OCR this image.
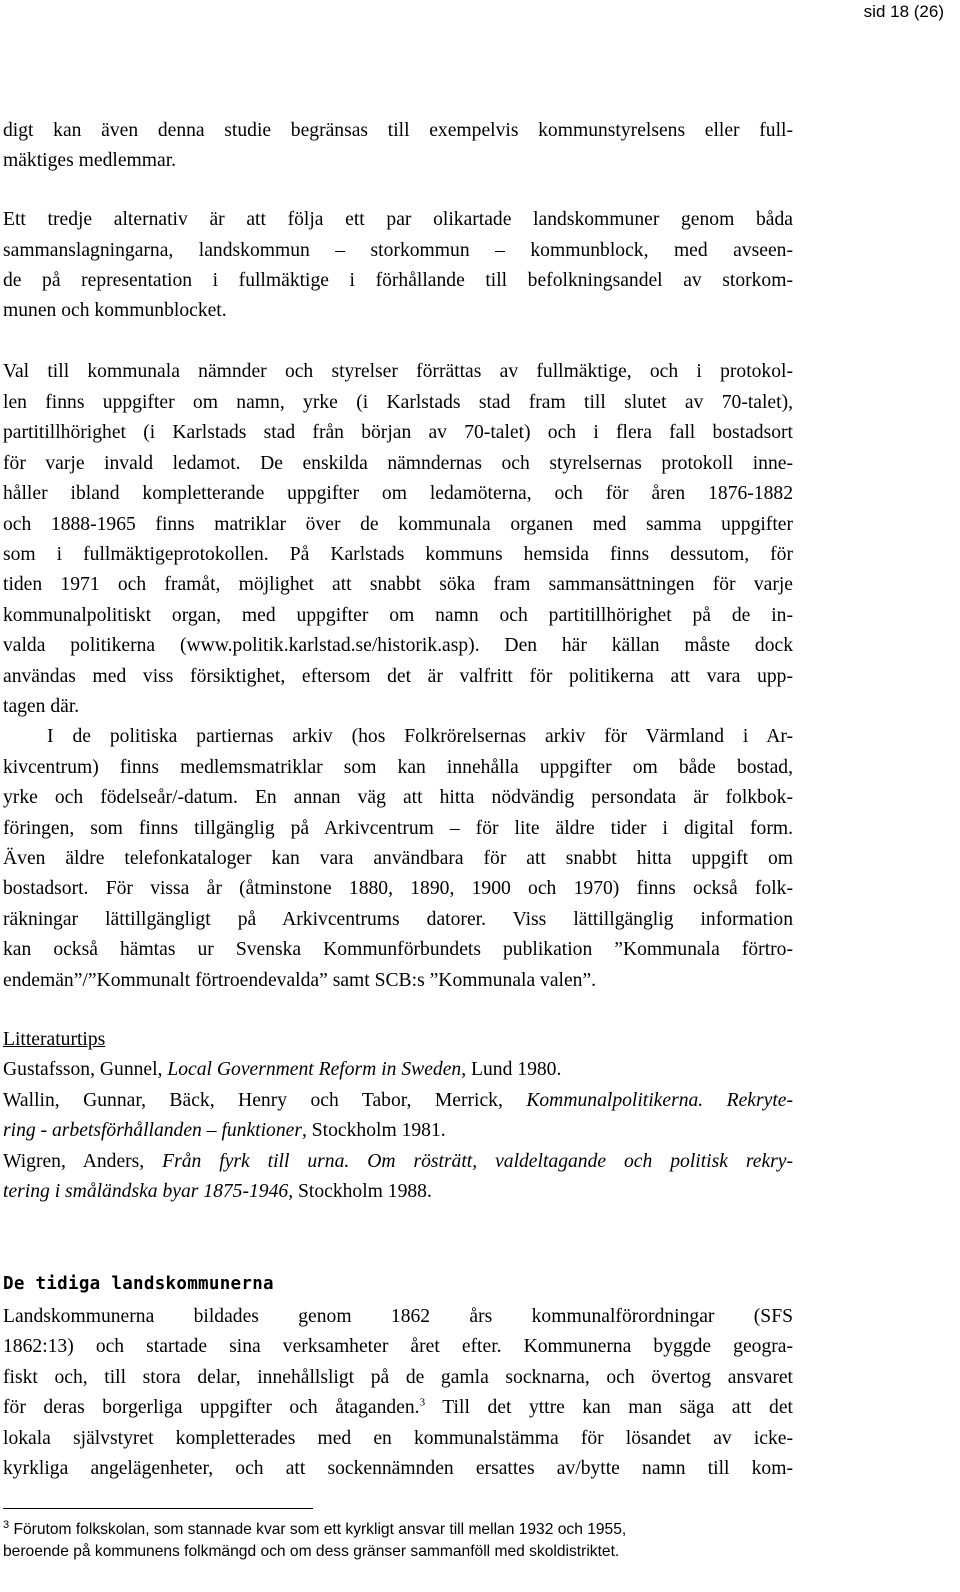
sid 18 (26)
digt kan även denna studie begränsas till exempelvis kommunstyrelsens eller full-
mäktiges medlemmar.
Ett tredje alternativ är att följa ett par olikartade landskommuner genom båda
sammanslagningarna, landskommun – storkommun – kommunblock, med avseen-
de på representation i fullmäktige i förhållande till befolkningsandel av storkom-
munen och kommunblocket.
Val till kommunala nämnder och styrelser förrättas av fullmäktige, och i protokol-
len finns uppgifter om namn, yrke (i Karlstads stad fram till slutet av 70-talet),
partitillhörighet (i Karlstads stad från början av 70-talet) och i flera fall bostadsort
för varje invald ledamot. De enskilda nämndernas och styrelsernas protokoll inne-
håller ibland kompletterande uppgifter om ledamöterna, och för åren 1876-1882
och 1888-1965 finns matriklar över de kommunala organen med samma uppgifter
som i fullmäktigeprotokollen. På Karlstads kommuns hemsida finns dessutom, för
tiden 1971 och framåt, möjlighet att snabbt söka fram sammansättningen för varje
kommunalpolitiskt organ, med uppgifter om namn och partitillhörighet på de in-
valda politikerna (www.politik.karlstad.se/historik.asp). Den här källan måste dock
användas med viss försiktighet, eftersom det är valfritt för politikerna att vara upp-
tagen där.
I de politiska partiernas arkiv (hos Folkrörelsernas arkiv för Värmland i Ar-
kivcentrum) finns medlemsmatriklar som kan innehålla uppgifter om både bostad,
yrke och födelseår/-datum. En annan väg att hitta nödvändig persondata är folkbok-
föringen, som finns tillgänglig på Arkivcentrum – för lite äldre tider i digital form.
Även äldre telefonkataloger kan vara användbara för att snabbt hitta uppgift om
bostadsort. För vissa år (åtminstone 1880, 1890, 1900 och 1970) finns också folk-
räkningar lättillgängligt på Arkivcentrums datorer. Viss lättillgänglig information
kan också hämtas ur Svenska Kommunförbundets publikation ”Kommunala förtro-
endemän”/”Kommunalt förtroendevalda” samt SCB:s ”Kommunala valen”.
Litteraturtips
Gustafsson, Gunnel, Local Government Reform in Sweden, Lund 1980.
Wallin, Gunnar, Bäck, Henry och Tabor, Merrick, Kommunalpolitikerna. Rekryte-
ring - arbetsförhållanden – funktioner, Stockholm 1981.
Wigren, Anders, Från fyrk till urna. Om rösträtt, valdeltagande och politisk rekry-
tering i småländska byar 1875-1946, Stockholm 1988.
De tidiga landskommunerna
Landskommunerna bildades genom 1862 års kommunalförordningar (SFS
1862:13) och startade sina verksamheter året efter. Kommunerna byggde geogra-
fiskt och, till stora delar, innehållsligt på de gamla socknarna, och övertog ansvaret
för deras borgerliga uppgifter och åtaganden.$^3$ Till det yttre kan man säga att det
lokala självstyret kompletterades med en kommunalstämma för lösandet av icke-
kyrkliga angelägenheter, och att sockennämnden ersattes av/bytte namn till kom-
$^3$ Förutom folkskolan, som stannade kvar som ett kyrkligt ansvar till mellan 1932 och 1955,
beroende på kommunens folkmängd och om dess gränser sammanföll med skoldistriktet.
